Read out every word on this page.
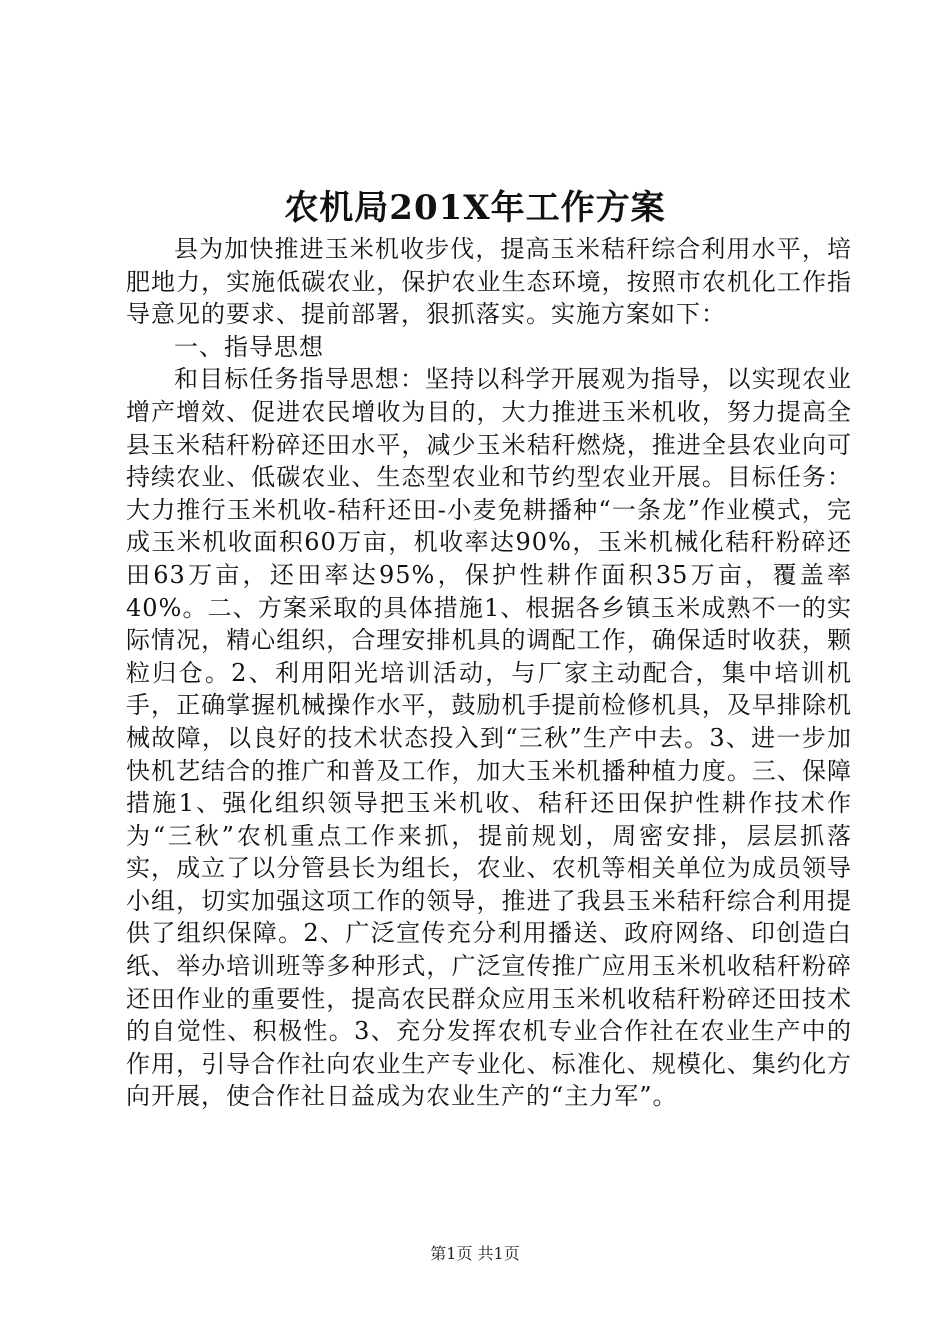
农机局201X年工作方案

县为加快推进玉米机收步伐，提高玉米秸秆综合利用水平，培肥地力，实施低碳农业，保护农业生态环境，按照市农机化工作指导意见的要求、提前部署，狠抓落实。实施方案如下：

一、指导思想

和目标任务指导思想：坚持以科学开展观为指导，以实现农业增产增效、促进农民增收为目的，大力推进玉米机收，努力提高全县玉米秸秆粉碎还田水平，减少玉米秸秆燃烧，推进全县农业向可持续农业、低碳农业、生态型农业和节约型农业开展。目标任务：大力推行玉米机收-秸秆还田-小麦免耕播种“一条龙”作业模式，完成玉米机收面积60万亩，机收率达90%，玉米机械化秸秆粉碎还田63万亩，还田率达95%，保护性耕作面积35万亩，覆盖率40%。二、方案采取的具体措施1、根据各乡镇玉米成熟不一的实际情况，精心组织，合理安排机具的调配工作，确保适时收获，颗粒归仓。2、利用阳光培训活动，与厂家主动配合，集中培训机手，正确掌握机械操作水平，鼓励机手提前检修机具，及早排除机械故障，以良好的技术状态投入到“三秋”生产中去。3、进一步加快机艺结合的推广和普及工作，加大玉米机播种植力度。三、保障措施1、强化组织领导把玉米机收、秸秆还田保护性耕作技术作为“三秋”农机重点工作来抓，提前规划，周密安排，层层抓落实，成立了以分管县长为组长，农业、农机等相关单位为成员领导小组，切实加强这项工作的领导，推进了我县玉米秸秆综合利用提供了组织保障。2、广泛宣传充分利用播送、政府网络、印创造白纸、举办培训班等多种形式，广泛宣传推广应用玉米机收秸秆粉碎还田作业的重要性，提高农民群众应用玉米机收秸秆粉碎还田技术的自觉性、积极性。3、充分发挥农机专业合作社在农业生产中的作用，引导合作社向农业生产专业化、标准化、规模化、集约化方向开展，使合作社日益成为农业生产的“主力军”。

第1页 共1页
